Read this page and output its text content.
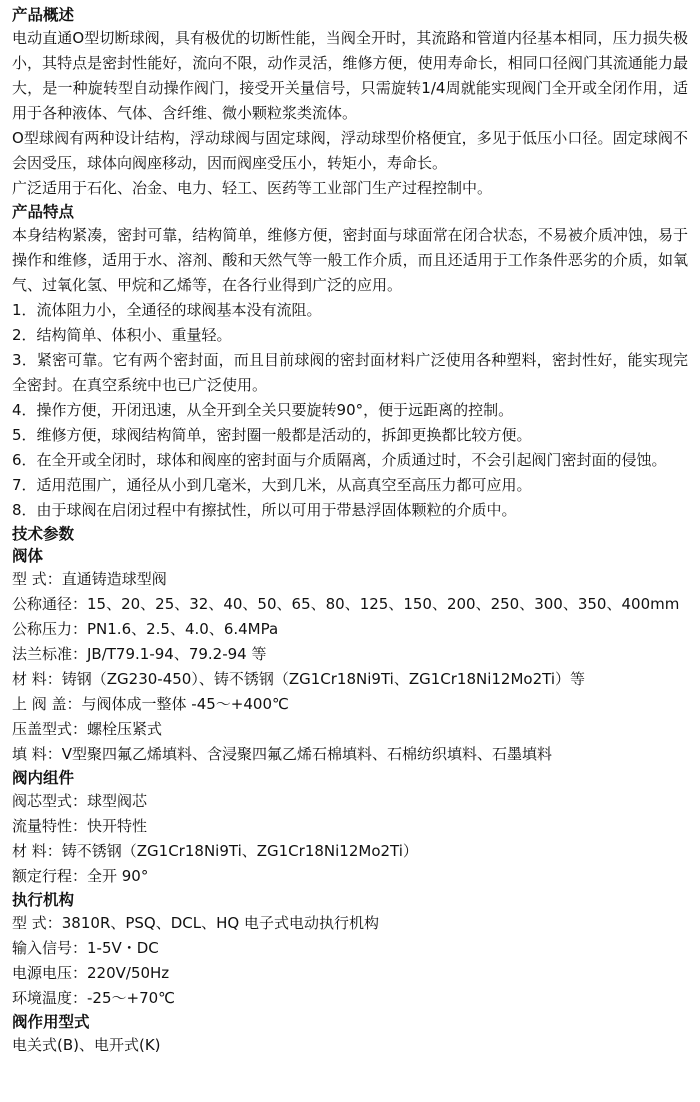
产品概述

电动直通O型切断球阀，具有极优的切断性能，当阀全开时，其流路和管道内径基本相同，压力损失极小，其特点是密封性能好，流向不限，动作灵活，维修方便，使用寿命长，相同口径阀门其流通能力最大，是一种旋转型自动操作阀门，接受开关量信号，只需旋转1/4周就能实现阀门全开或全闭作用，适用于各种液体、气体、含纤维、微小颗粒浆类流体。

O型球阀有两种设计结构，浮动球阀与固定球阀，浮动球型价格便宜，多见于低压小口径。固定球阀不会因受压，球体向阀座移动，因而阀座受压小，转矩小，寿命长。

广泛适用于石化、冶金、电力、轻工、医药等工业部门生产过程控制中。

产品特点

本身结构紧凑，密封可靠，结构简单，维修方便，密封面与球面常在闭合状态，不易被介质冲蚀，易于操作和维修，适用于水、溶剂、酸和天然气等一般工作介质，而且还适用于工作条件恶劣的介质，如氧气、过氧化氢、甲烷和乙烯等，在各行业得到广泛的应用。

1．流体阻力小，全通径的球阀基本没有流阻。

2．结构简单、体积小、重量轻。

3．紧密可靠。它有两个密封面，而且目前球阀的密封面材料广泛使用各种塑料，密封性好，能实现完全密封。在真空系统中也已广泛使用。

4．操作方便，开闭迅速，从全开到全关只要旋转90°，便于远距离的控制。

5．维修方便，球阀结构简单，密封圈一般都是活动的，拆卸更换都比较方便。

6．在全开或全闭时，球体和阀座的密封面与介质隔离，介质通过时，不会引起阀门密封面的侵蚀。

7．适用范围广，通径从小到几毫米，大到几米，从高真空至高压力都可应用。

8．由于球阀在启闭过程中有擦拭性，所以可用于带悬浮固体颗粒的介质中。

技术参数
阀体
型 式：直通铸造球型阀
公称通径：15、20、25、32、40、50、65、80、125、150、200、250、300、350、400mm
公称压力：PN1.6、2.5、4.0、6.4MPa
法兰标准：JB/T79.1-94、79.2-94 等
材 料：铸钢（ZG230-450）、铸不锈钢（ZG1Cr18Ni9Ti、ZG1Cr18Ni12Mo2Ti）等
上 阀 盖：与阀体成一整体 -45～+400℃
压盖型式：螺栓压紧式
填 料：V型聚四氟乙烯填料、含浸聚四氟乙烯石棉填料、石棉纺织填料、石墨填料
阀内组件
阀芯型式：球型阀芯
流量特性：快开特性
材 料：铸不锈钢（ZG1Cr18Ni9Ti、ZG1Cr18Ni12Mo2Ti）
额定行程：全开 90°
执行机构
型 式：3810R、PSQ、DCL、HQ 电子式电动执行机构
输入信号：1-5V・DC
电源电压：220V/50Hz
环境温度：-25～+70℃
阀作用型式
电关式(B)、电开式(K)
